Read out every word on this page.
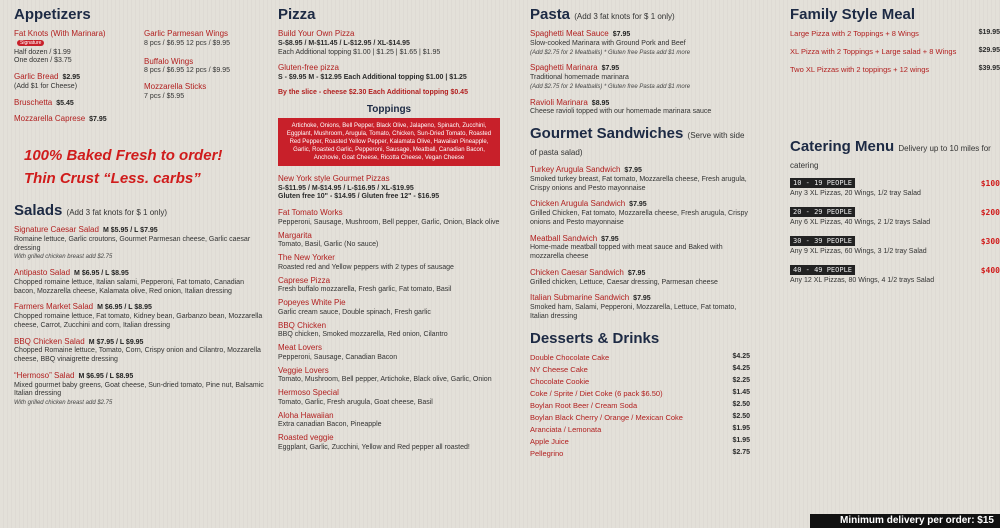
Appetizers
Fat Knots (With Marinara)Signature
Half dozen / $1.99
One dozen / $3.75
Garlic Bread $2.95
(Add $1 for Cheese)
Bruschetta $5.45
Mozzarella Caprese $7.95
Garlic Parmesan Wings
8 pcs / $6.95 12 pcs / $9.95
Buffalo Wings
8 pcs / $6.95 12 pcs / $9.95
Mozzarella Sticks
7 pcs / $5.95
100% Baked Fresh to order!
Thin Crust “Less. carbs”
Salads (Add 3 fat knots for $ 1 only)
Signature Caesar Salad M $5.95 / L $7.95
Romaine lettuce, Garlic croutons, Gourmet Parmesan cheese, Garlic caesar dressing
With grilled chicken breast add $2.75
Antipasto Salad M $6.95 / L $8.95
Chopped romaine lettuce, Italian salami, Pepperoni, Fat tomato, Canadian bacon, Mozzarella cheese, Kalamata olive, Red onion, Italian dressing
Farmers Market Salad M $6.95 / L $8.95
Chopped romaine lettuce, Fat tomato, Kidney bean, Garbanzo bean, Mozzarella cheese, Carrot, Zucchini and corn, Italian dressing
BBQ Chicken Salad M $7.95 / L $9.95
Chopped Romaine lettuce, Tomato, Corn, Crispy onion and Cilantro, Mozzarella cheese, BBQ vinaigrette dressing
“Hermoso” Salad M $6.95 / L $8.95
Mixed gourmet baby greens, Goat cheese, Sun-dried tomato, Pine nut, Balsamic Italian dressing
With grilled chicken breast add $2.75
Pizza
Build Your Own Pizza
S-$8.95 / M-$11.45 / L-$12.95 / XL-$14.95
Each Additional topping $1.00 | $1.25 | $1.65 | $1.95
Gluten-free pizza
S - $9.95 M - $12.95 Each Additional topping $1.00 | $1.25
By the slice - cheese $2.30 Each Additional topping $0.45
Toppings
Artichoke, Onions, Bell Pepper, Black Olive, Jalapeno, Spinach, Zucchini, Eggplant, Mushroom, Arugula, Tomato, Chicken, Sun-Dried Tomato, Roasted Red Pepper, Roasted Yellow Pepper, Kalamata Olive, Hawaiian Pineapple, Garlic, Roasted Garlic, Pepperoni, Sausage, Meatball, Canadian Bacon, Anchovie, Goat Cheese, Ricotta Cheese, Vegan Cheese
New York style Gourmet Pizzas
S-$11.95 / M-$14.95 / L-$16.95 / XL-$19.95
Gluten free 10" - $14.95 / Gluten free 12" - $16.95
Fat Tomato Works
Pepperoni, Sausage, Mushroom, Bell pepper, Garlic, Onion, Black olive
Margarita
Tomato, Basil, Garlic (No sauce)
The New Yorker
Roasted red and Yellow peppers with 2 types of sausage
Caprese Pizza
Fresh buffalo mozzarella, Fresh garlic, Fat tomato, Basil
Popeyes White Pie
Garlic cream sauce, Double spinach, Fresh garlic
BBQ Chicken
BBQ chicken, Smoked mozzarella, Red onion, Cilantro
Meat Lovers
Pepperoni, Sausage, Canadian Bacon
Veggie Lovers
Tomato, Mushroom, Bell pepper, Artichoke, Black olive, Garlic, Onion
Hermoso Special
Tomato, Garlic, Fresh arugula, Goat cheese, Basil
Aloha Hawaiian
Extra canadian Bacon, Pineapple
Roasted veggie
Eggplant, Garlic, Zucchini, Yellow and Red pepper all roasted!
Pasta (Add 3 fat knots for $ 1 only)
Spaghetti Meat Sauce $7.95
Slow-cooked Marinara with Ground Pork and Beef
(Add $2.75 for 2 Meatballs) * Gluten free Pasta add $1 more
Spaghetti Marinara $7.95
Traditional homemade marinara
(Add $2.75 for 2 Meatballs) * Gluten free Pasta add $1 more
Ravioli Marinara $8.95
Cheese ravioli topped with our homemade marinara sauce
Gourmet Sandwiches (Serve with side of pasta salad)
Turkey Arugula Sandwich $7.95
Smoked turkey breast, Fat tomato, Mozzarella cheese, Fresh arugula, Crispy onions and Pesto mayonnaise
Chicken Arugula Sandwich $7.95
Grilled Chicken, Fat tomato, Mozzarella cheese, Fresh arugula, Crispy onions and Pesto mayonnaise
Meatball Sandwich $7.95
Home-made meatball topped with meat sauce and Baked with mozzarella cheese
Chicken Caesar Sandwich $7.95
Grilled chicken, Lettuce, Caesar dressing, Parmesan cheese
Italian Submarine Sandwich $7.95
Smoked ham, Salami, Pepperoni, Mozzarella, Lettuce, Fat tomato, Italian dressing
Desserts & Drinks
Double Chocolate Cake	$4.25
NY Cheese Cake	$4.25
Chocolate Cookie	$2.25
Coke / Sprite / Diet Coke (6 pack $6.50)	$1.45
Boylan Root Beer / Cream Soda	$2.50
Boylan Black Cherry / Orange / Mexican Coke	$2.50
Aranciata / Lemonata	$1.95
Apple Juice	$1.95
Pellegrino	$2.75
Family Style Meal
Large Pizza with 2 Toppings + 8 Wings	$19.95
XL Pizza with 2 Toppings + Large salad + 8 Wings	$29.95
Two XL Pizzas with 2 toppings + 12 wings	$39.95
Catering Menu Delivery up to 10 miles for catering
10 - 19 PEOPLE	$100
Any 3 XL Pizzas, 20 Wings, 1/2 tray Salad
20 - 29 PEOPLE	$200
Any 6 XL Pizzas, 40 Wings, 2 1/2 trays Salad
30 - 39 PEOPLE	$300
Any 9 XL Pizzas, 60 Wings, 3 1/2 tray Salad
40 - 49 PEOPLE	$400
Any 12 XL Pizzas, 80 Wings, 4 1/2 trays Salad
Minimum delivery per order: $15
